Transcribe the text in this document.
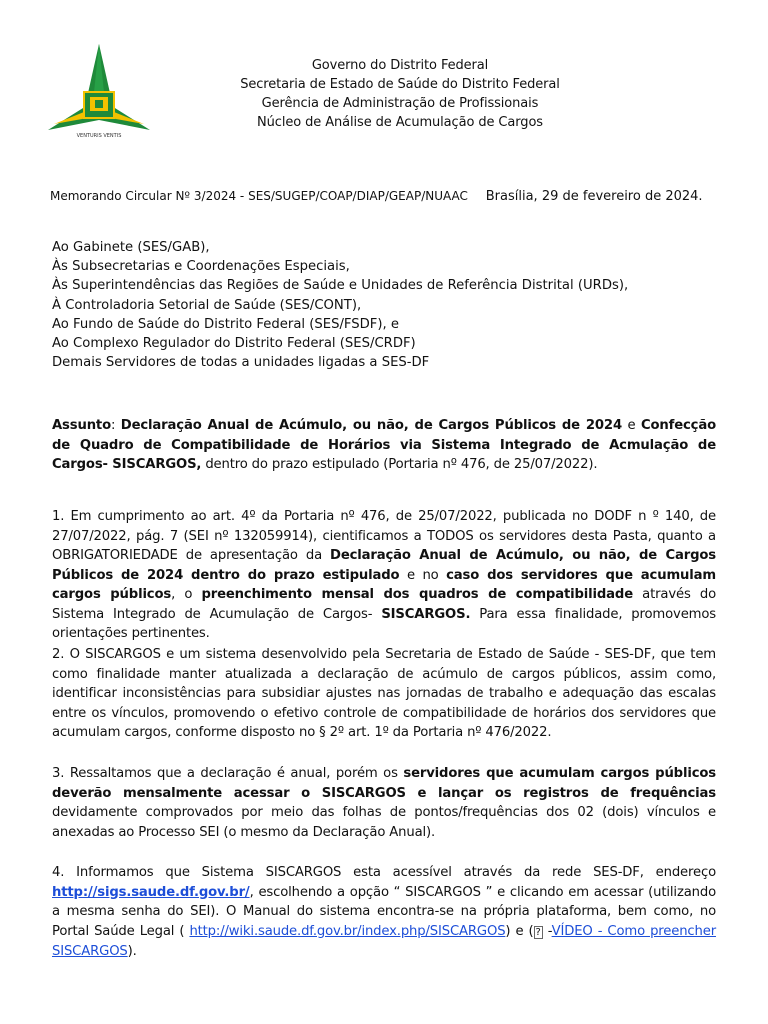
VENTURIS VENTIS
Governo do Distrito Federal
Secretaria de Estado de Saúde do Distrito Federal
Gerência de Administração de Profissionais
Núcleo de Análise de Acumulação de Cargos
Memorando Circular Nº 3/2024 - SES/SUGEP/COAP/DIAP/GEAP/NUAAC Brasília, 29 de fevereiro de 2024.
Ao Gabinete (SES/GAB),
Às Subsecretarias e Coordenações Especiais,
Às Superintendências das Regiões de Saúde e Unidades de Referência Distrital (URDs),
À Controladoria Setorial de Saúde (SES/CONT),
Ao Fundo de Saúde do Distrito Federal (SES/FSDF), e
Ao Complexo Regulador do Distrito Federal (SES/CRDF)
Demais Servidores de todas a unidades ligadas a SES-DF
Assunto: Declaração Anual de Acúmulo, ou não, de Cargos Públicos de 2024 e Confecção de Quadro de Compatibilidade de Horários via Sistema Integrado de Acmulação de Cargos- SISCARGOS, dentro do prazo estipulado (Portaria nº 476, de 25/07/2022).
1. Em cumprimento ao art. 4º da Portaria nº 476, de 25/07/2022, publicada no DODF n º 140, de 27/07/2022, pág. 7 (SEI nº 132059914), cientificamos a TODOS os servidores desta Pasta, quanto a OBRIGATORIEDADE de apresentação da Declaração Anual de Acúmulo, ou não, de Cargos Públicos de 2024 dentro do prazo estipulado e no caso dos servidores que acumulam cargos públicos, o preenchimento mensal dos quadros de compatibilidade através do Sistema Integrado de Acumulação de Cargos- SISCARGOS. Para essa finalidade, promovemos orientações pertinentes.
2. O SISCARGOS e um sistema desenvolvido pela Secretaria de Estado de Saúde - SES-DF, que tem como finalidade manter atualizada a declaração de acúmulo de cargos públicos, assim como, identificar inconsistências para subsidiar ajustes nas jornadas de trabalho e adequação das escalas entre os vínculos, promovendo o efetivo controle de compatibilidade de horários dos servidores que acumulam cargos, conforme disposto no § 2º art. 1º da Portaria nº 476/2022.
3. Ressaltamos que a declaração é anual, porém os servidores que acumulam cargos públicos deverão mensalmente acessar o SISCARGOS e lançar os registros de frequências devidamente comprovados por meio das folhas de pontos/frequências dos 02 (dois) vínculos e anexadas ao Processo SEI (o mesmo da Declaração Anual).
4. Informamos que Sistema SISCARGOS esta acessível através da rede SES-DF, endereço http://sigs.saude.df.gov.br/, escolhendo a opção “ SISCARGOS ” e clicando em acessar (utilizando a mesma senha do SEI). O Manual do sistema encontra-se na própria plataforma, bem como, no Portal Saúde Legal ( http://wiki.saude.df.gov.br/index.php/SISCARGOS) e ( ? -VÍDEO - Como preencher SISCARGOS).
